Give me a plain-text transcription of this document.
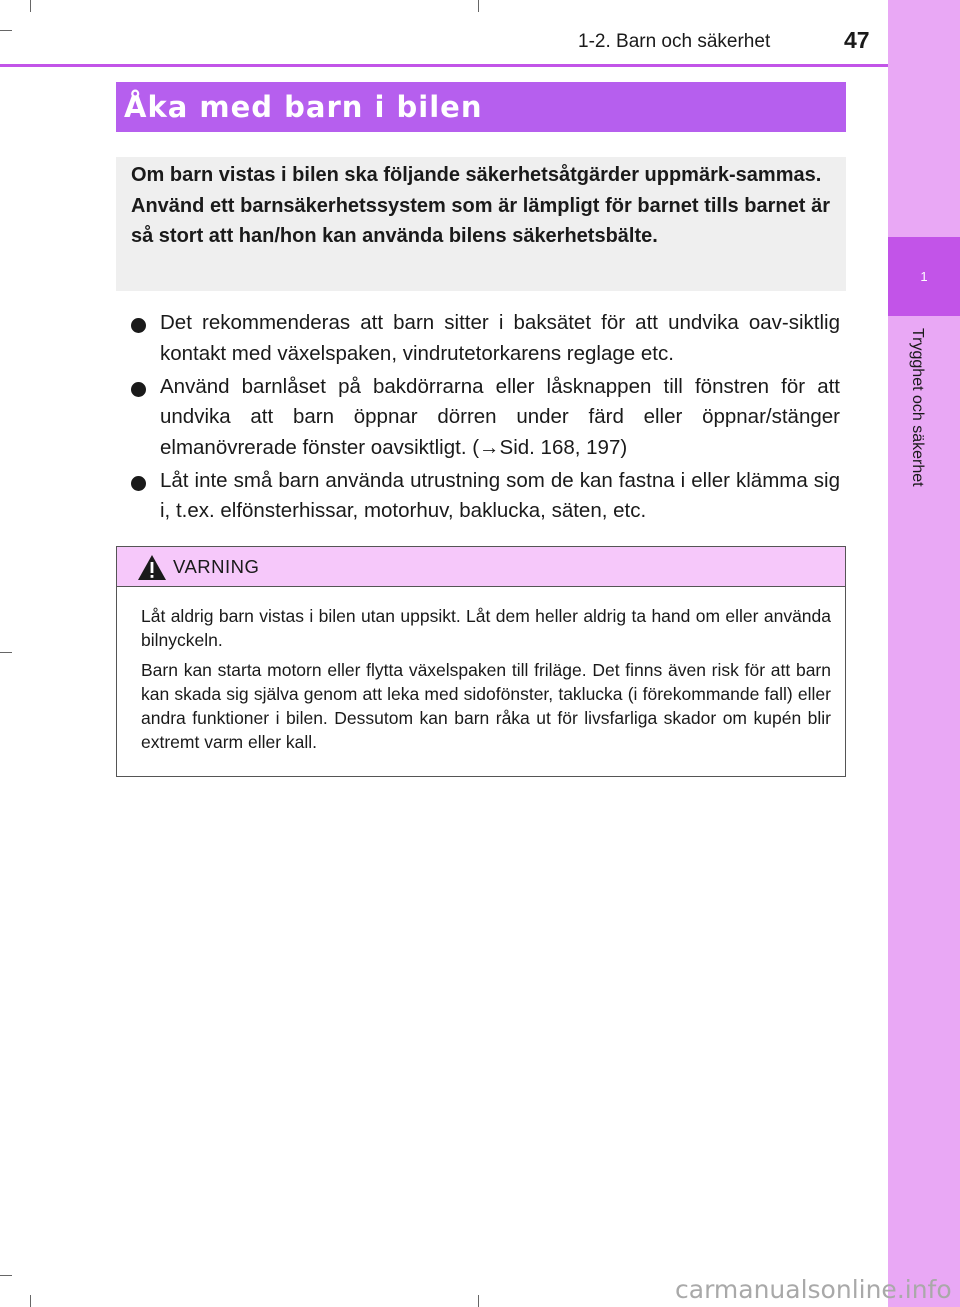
1
Trygghet och säkerhet
1-2. Barn och säkerhet	47
Åka med barn i bilen

Om barn vistas i bilen ska följande säkerhetsåtgärder uppmärk-sammas.

Använd ett barnsäkerhetssystem som är lämpligt för barnet tills barnet är så stort att han/hon kan använda bilens säkerhetsbälte.

Det rekommenderas att barn sitter i baksätet för att undvika oav-siktlig kontakt med växelspaken, vindrutetorkarens reglage etc.
Använd barnlåset på bakdörrarna eller låsknappen till fönstren för att undvika att barn öppnar dörren under färd eller öppnar/stänger elmanövrerade fönster oavsiktligt. (→Sid. 168, 197)
Låt inte små barn använda utrustning som de kan fastna i eller klämma sig i, t.ex. elfönsterhissar, motorhuv, baklucka, säten, etc.
VARNING

Låt aldrig barn vistas i bilen utan uppsikt. Låt dem heller aldrig ta hand om eller använda bilnyckeln.

Barn kan starta motorn eller flytta växelspaken till friläge. Det finns även risk för att barn kan skada sig själva genom att leka med sidofönster, taklucka (i förekommande fall) eller andra funktioner i bilen. Dessutom kan barn råka ut för livsfarliga skador om kupén blir extremt varm eller kall.

carmanualsonline.info
